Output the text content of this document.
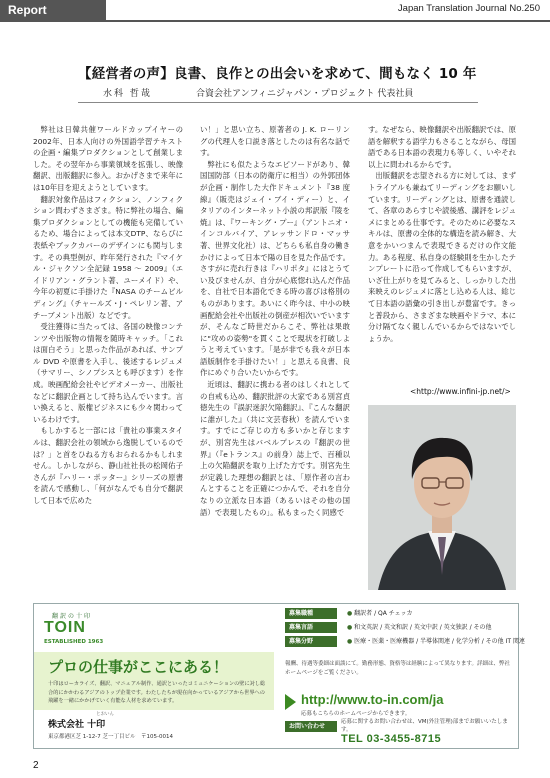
Report	Japan Translation Journal No.250
【経営者の声】良書、良作との出会いを求めて、間もなく 10 年
水科 哲哉	合資会社アンフィニジャパン・プロジェクト 代表社員

弊社は日韓共催ワールドカップイヤーの2002年、日本人向けの外国語学習テキストの企画・編集プロダクションとして創業しました。その翌年から事業領域を拡張し、映像翻訳、出版翻訳に参入。おかげさまで来年には10年目を迎えようとしています。

翻訳対象作品はフィクション、ノンフィクション問わずさまざま。特に弊社の場合、編集プロダクションとしての機能も完備しているため、場合によっては本文DTP、ならびに表紙やブックカバーのデザインにも関与します。その典型例が、昨年発行された『マイケル・ジャクソン全記録 1958 ～ 2009』（エイドリアン・グラント著、ユーメイド）や、今年の初夏に手掛けた『NASA のチームビルディング』（チャールズ・J・ペレリン著、アチーブメント出版）などです。

受注獲得に当たっては、各国の映像コンテンツや出版物の情報を随時キャッチ。「これは面白そう」と思った作品があれば、サンプル DVD や原書を入手し、後述するレジュメ（サマリー、シノプシスとも呼びます）を作成。映画配給会社やビデオメーカー、出版社などに翻訳企画として持ち込んでいます。言い換えると、版権ビジネスにも少々関わっているわけです。

もしかすると一部には「貴社の事業スタイルは、翻訳会社の領域から逸脱しているのでは？」と首をひねる方もおられるかもしれません。しかしながら、静山社社長の松岡佑子さんが『ハリー・ポッター』シリーズの原書を読んで感動し、「何がなんでも自分で翻訳して日本で広めた

い！」と思い立ち、原著者の J. K. ローリングの代理人を口説き落としたのは有名な話です。

弊社にも似たようなエピソードがあり、韓国国防部（日本の防衛庁に相当）の外郭団体が企画・制作した大作ドキュメント『38 度線』（販売はジェイ・ブイ・ディー）と、イタリアのインターネット小説の邦訳版『陵を焼』は、『ワーキング・プー』（アントニオ・インコルバイア、アレッサンドロ・マッサ著、世界文化社）は、どちらも私自身の働きかけによって日本で陽の目を見た作品です。さすがに売れ行きは『ハリポタ』にはとうてい及びませんが、自分が心底惚れ込んだ作品を、自社で日本語化できる時の喜びは格別のものがあります。あいにく昨今は、中小の映画配給会社や出版社の倒産が相次いでいますが、そんなご時世だからこそ、弊社は果敢に"攻めの姿勢"を貫くことで現状を打破しようと考えています。「是が非でも我々が日本語版制作を手掛けたい！」と思える良書、良作にめぐり合いたいからです。

近頃は、翻訳に携わる者のはしくれとしての自戒も込め、翻訳批評の大家である別宮貞徳先生の『誤訳迷訳欠陥翻訳』、『こんな翻訳に誰がした』（共に文芸春秋）を読んでいます。すでにご存じの方も多いかと存じますが、別宮先生はバベルプレスの『翻訳の世界』（『eトランス』の前身）誌上で、百種以上の欠陥翻訳を取り上げた方です。別宮先生が定義した理想の翻訳とは、「原作者の言わんとすることを正確につかんで、それを自分なりの立派な日本語（あるいはその他の国語）で表現したもの」。私もまったく同感で

す。なぜなら、映像翻訳や出版翻訳では、原語を解釈する語学力もさることながら、母国語である日本語の表現力も等しく、いやそれ以上に問われるからです。

出版翻訳を志望される方に対しては、まずトライアルも兼ねてリーディングをお願いしています。リーディングとは、原書を通読して、各章のあらすじや読後感、講評をレジュメにまとめる仕事です。そのために必要なスキルは、原書の全体的な構造を読み解き、大意をかいつまんで表現できるだけの作文能力。ある程度、私自身の経験則を生かしたテンプレートに沿って作成してもらいますが、いざ仕上がりを見てみると、しっかりした出来映えのレジュメに落とし込める人は、総じて日本語の語彙の引き出しが豊富です。きっと普段から、さまざまな映画やドラマ、本に分け隔てなく親しんでいるからではないでしょうか。

<http://www.infini-jp.net/>
翻訳の十印
TOIN
ESTABLISHED 1963
プロの仕事がここにある！
十印はローカライズ、翻訳、マニュアル制作、通訳といったコミュニケーションの壁に対し総合的にかかわるアジアのトップ企業です。わたしたちが現在向かっているアジアから世界への飛躍を一緒にかかげていく有能な人材を求めています。
とおいん
株式会社 十印
東京都港区芝 1-12-7 芝一丁目ビル　〒105-0014
募集職種	● 翻訳者 / QA チェッカ
募集言語	● 和文英訳 / 英文和訳 / 英文中訳 / 英文独訳 / その他
募集分野	● 医療・医薬・医療機器 / 半導体関連 / 化学分析 / その他 IT 関連
報酬、待遇等委細は面談にて。勤務形態、資格等は経験によって異なります。詳細は、弊社ホームページをご覧ください。
http://www.to-in.com/ja
応募もこちらのホームページからできます。
お問い合わせ
応募に関するお問い合わせは、VM(外注管理)部までお願いいたします。
TEL 03-3455-8715
2
